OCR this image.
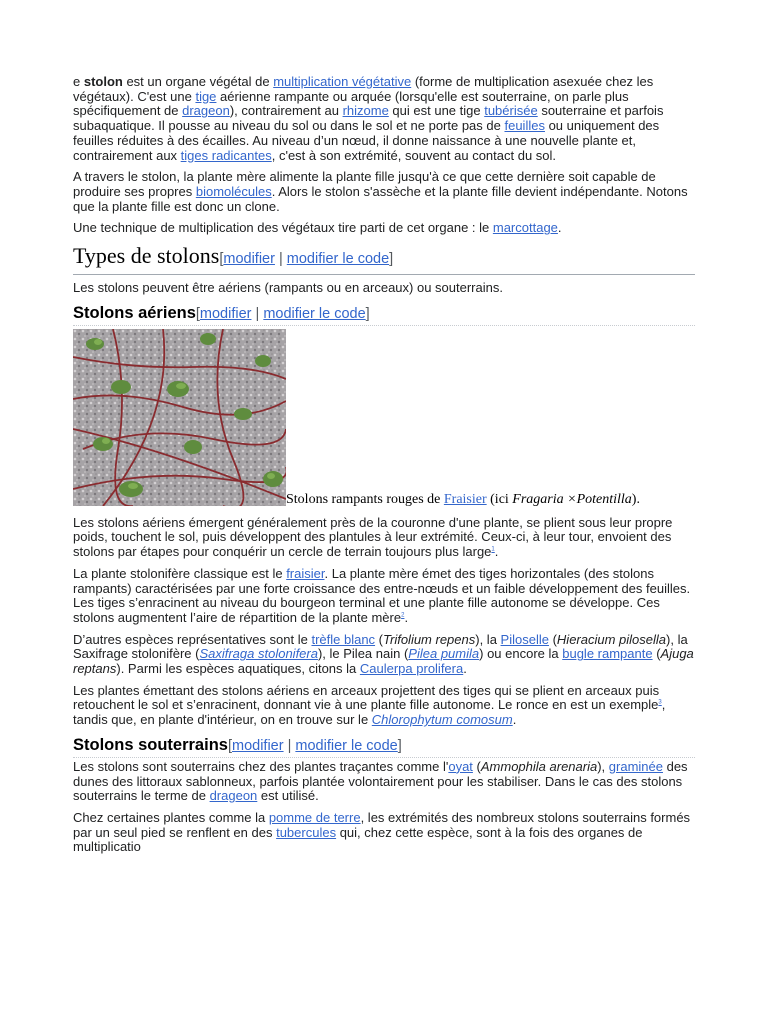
e stolon est un organe végétal de multiplication végétative (forme de multiplication asexuée chez les végétaux). C'est une tige aérienne rampante ou arquée (lorsqu'elle est souterraine, on parle plus spécifiquement de drageon), contrairement au rhizome qui est une tige tubérisée souterraine et parfois subaquatique. Il pousse au niveau du sol ou dans le sol et ne porte pas de feuilles ou uniquement des feuilles réduites à des écailles. Au niveau d’un nœud, il donne naissance à une nouvelle plante et, contrairement aux tiges radicantes, c'est à son extrémité, souvent au contact du sol.

A travers le stolon, la plante mère alimente la plante fille jusqu'à ce que cette dernière soit capable de produire ses propres biomolécules. Alors le stolon s'assèche et la plante fille devient indépendante. Notons que la plante fille est donc un clone.

Une technique de multiplication des végétaux tire parti de cet organe : le marcottage.

Types de stolons[modifier | modifier le code]

Les stolons peuvent être aériens (rampants ou en arceaux) ou souterrains.

Stolons aériens[modifier | modifier le code]
Stolons rampants rouges de Fraisier (ici Fragaria ×Potentilla).

Les stolons aériens émergent généralement près de la couronne d'une plante, se plient sous leur propre poids, touchent le sol, puis développent des plantules à leur extrémité. Ceux-ci, à leur tour, envoient des stolons par étapes pour conquérir un cercle de terrain toujours plus large$^1$.

La plante stolonifère classique est le fraisier. La plante mère émet des tiges horizontales (des stolons rampants) caractérisées par une forte croissance des entre-nœuds et un faible développement des feuilles. Les tiges s’enracinent au niveau du bourgeon terminal et une plante fille autonome se développe. Ces stolons augmentent l’aire de répartition de la plante mère$^2$.

D’autres espèces représentatives sont le trèfle blanc (Trifolium repens), la Piloselle (Hieracium pilosella), la Saxifrage stolonifère (Saxifraga stolonifera), le Pilea nain (Pilea pumila) ou encore la bugle rampante (Ajuga reptans). Parmi les espèces aquatiques, citons la Caulerpa prolifera.

Les plantes émettant des stolons aériens en arceaux projettent des tiges qui se plient en arceaux puis retouchent le sol et s’enracinent, donnant vie à une plante fille autonome. Le ronce en est un exemple$^3$, tandis que, en plante d'intérieur, on en trouve sur le Chlorophytum comosum.

Stolons souterrains[modifier | modifier le code]

Les stolons sont souterrains chez des plantes traçantes comme l'oyat (Ammophila arenaria), graminée des dunes des littoraux sablonneux, parfois plantée volontairement pour les stabiliser. Dans le cas des stolons souterrains le terme de drageon est utilisé.

Chez certaines plantes comme la pomme de terre, les extrémités des nombreux stolons souterrains formés par un seul pied se renflent en des tubercules qui, chez cette espèce, sont à la fois des organes de multiplicatio
